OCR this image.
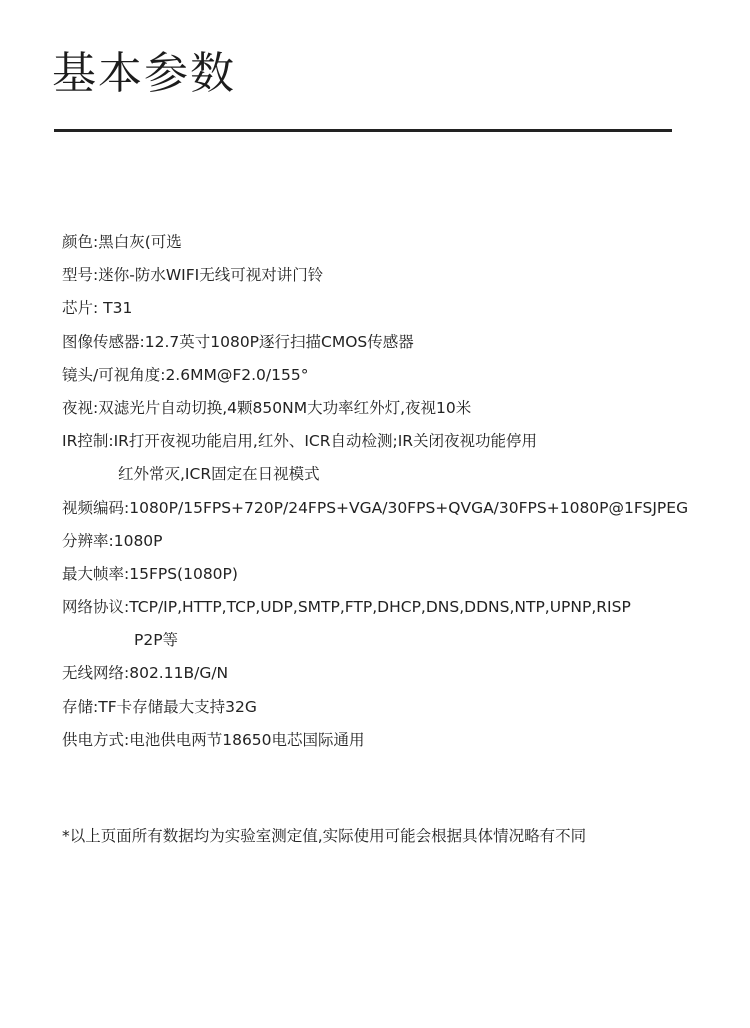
基本参数
颜色:黑白灰(可选
型号:迷你-防水WIFI无线可视对讲门铃
芯片: T31
图像传感器:12.7英寸1080P逐行扫描CMOS传感器
镜头/可视角度:2.6MM@F2.0/155°
夜视:双滤光片自动切换,4颗850NM大功率红外灯,夜视10米
IR控制:IR打开夜视功能启用,红外、ICR自动检测;IR关闭夜视功能停用
红外常灭,ICR固定在日视模式
视频编码:1080P/15FPS+720P/24FPS+VGA/30FPS+QVGA/30FPS+1080P@1FSJPEG
分辨率:1080P
最大帧率:15FPS(1080P)
网络协议:TCP/IP,HTTP,TCP,UDP,SMTP,FTP,DHCP,DNS,DDNS,NTP,UPNP,RISP
P2P等
无线网络:802.11B/G/N
存储:TF卡存储最大支持32G
供电方式:电池供电两节18650电芯国际通用
*以上页面所有数据均为实验室测定值,实际使用可能会根据具体情况略有不同
